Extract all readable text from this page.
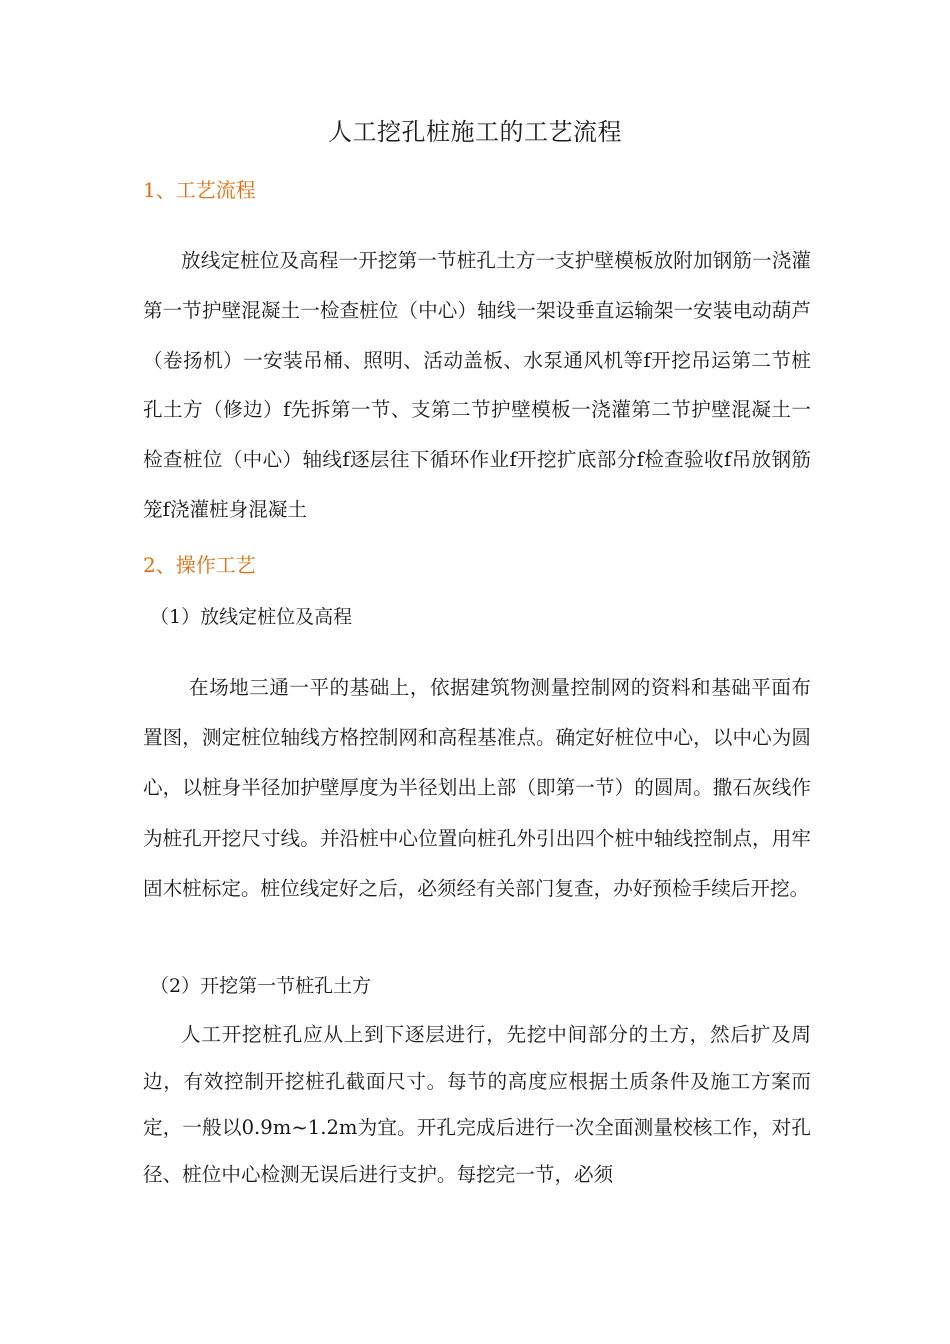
人工挖孔桩施工的工艺流程
1、工艺流程

放线定桩位及高程一开挖第一节桩孔土方一支护壁模板放附加钢筋一浇灌第一节护壁混凝土一检查桩位（中心）轴线一架设垂直运输架一安装电动葫芦（卷扬机）一安装吊桶、照明、活动盖板、水泵通风机等f开挖吊运第二节桩孔土方（修边）f先拆第一节、支第二节护壁模板一浇灌第二节护壁混凝土一检查桩位（中心）轴线f逐层往下循环作业f开挖扩底部分f检查验收f吊放钢筋笼f浇灌桩身混凝土

2、操作工艺
（1）放线定桩位及高程

在场地三通一平的基础上，依据建筑物测量控制网的资料和基础平面布置图，测定桩位轴线方格控制网和高程基准点。确定好桩位中心，以中心为圆心，以桩身半径加护壁厚度为半径划出上部（即第一节）的圆周。撒石灰线作为桩孔开挖尺寸线。并沿桩中心位置向桩孔外引出四个桩中轴线控制点，用牢固木桩标定。桩位线定好之后，必须经有关部门复查，办好预检手续后开挖。

（2）开挖第一节桩孔土方

人工开挖桩孔应从上到下逐层进行，先挖中间部分的土方，然后扩及周边，有效控制开挖桩孔截面尺寸。每节的高度应根据土质条件及施工方案而定，一般以0.9m~1.2m为宜。开孔完成后进行一次全面测量校核工作，对孔径、桩位中心检测无误后进行支护。每挖完一节，必须
